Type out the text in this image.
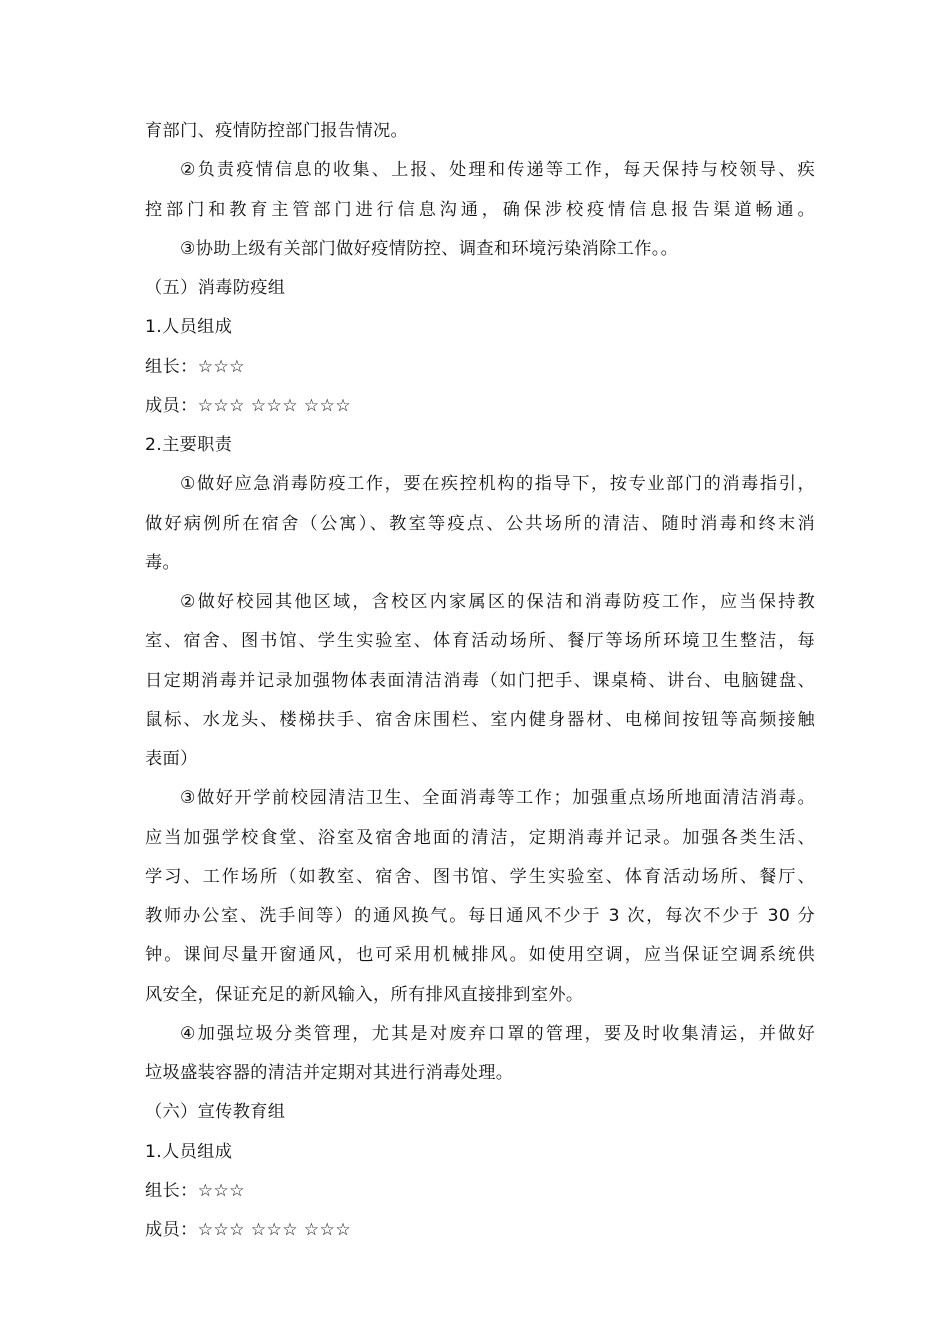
育部门、疫情防控部门报告情况。
②负责疫情信息的收集、上报、处理和传递等工作，每天保持与校领导、疾
控部门和教育主管部门进行信息沟通，确保涉校疫情信息报告渠道畅通。
③协助上级有关部门做好疫情防控、调查和环境污染消除工作。。
（五）消毒防疫组
1.人员组成
组长：☆☆☆
成员：☆☆☆ ☆☆☆ ☆☆☆
2.主要职责
①做好应急消毒防疫工作，要在疾控机构的指导下，按专业部门的消毒指引，
做好病例所在宿舍（公寓）、教室等疫点、公共场所的清洁、随时消毒和终末消
毒。
②做好校园其他区域，含校区内家属区的保洁和消毒防疫工作，应当保持教
室、宿舍、图书馆、学生实验室、体育活动场所、餐厅等场所环境卫生整洁，每
日定期消毒并记录加强物体表面清洁消毒（如门把手、课桌椅、讲台、电脑键盘、
鼠标、水龙头、楼梯扶手、宿舍床围栏、室内健身器材、电梯间按钮等高频接触
表面）
③做好开学前校园清洁卫生、全面消毒等工作；加强重点场所地面清洁消毒。
应当加强学校食堂、浴室及宿舍地面的清洁，定期消毒并记录。加强各类生活、
学习、工作场所（如教室、宿舍、图书馆、学生实验室、体育活动场所、餐厅、
教师办公室、洗手间等）的通风换气。每日通风不少于 3 次，每次不少于 30 分
钟。课间尽量开窗通风，也可采用机械排风。如使用空调，应当保证空调系统供
风安全，保证充足的新风输入，所有排风直接排到室外。
④加强垃圾分类管理，尤其是对废弃口罩的管理，要及时收集清运，并做好
垃圾盛装容器的清洁并定期对其进行消毒处理。
（六）宣传教育组
1.人员组成
组长：☆☆☆
成员：☆☆☆ ☆☆☆ ☆☆☆
